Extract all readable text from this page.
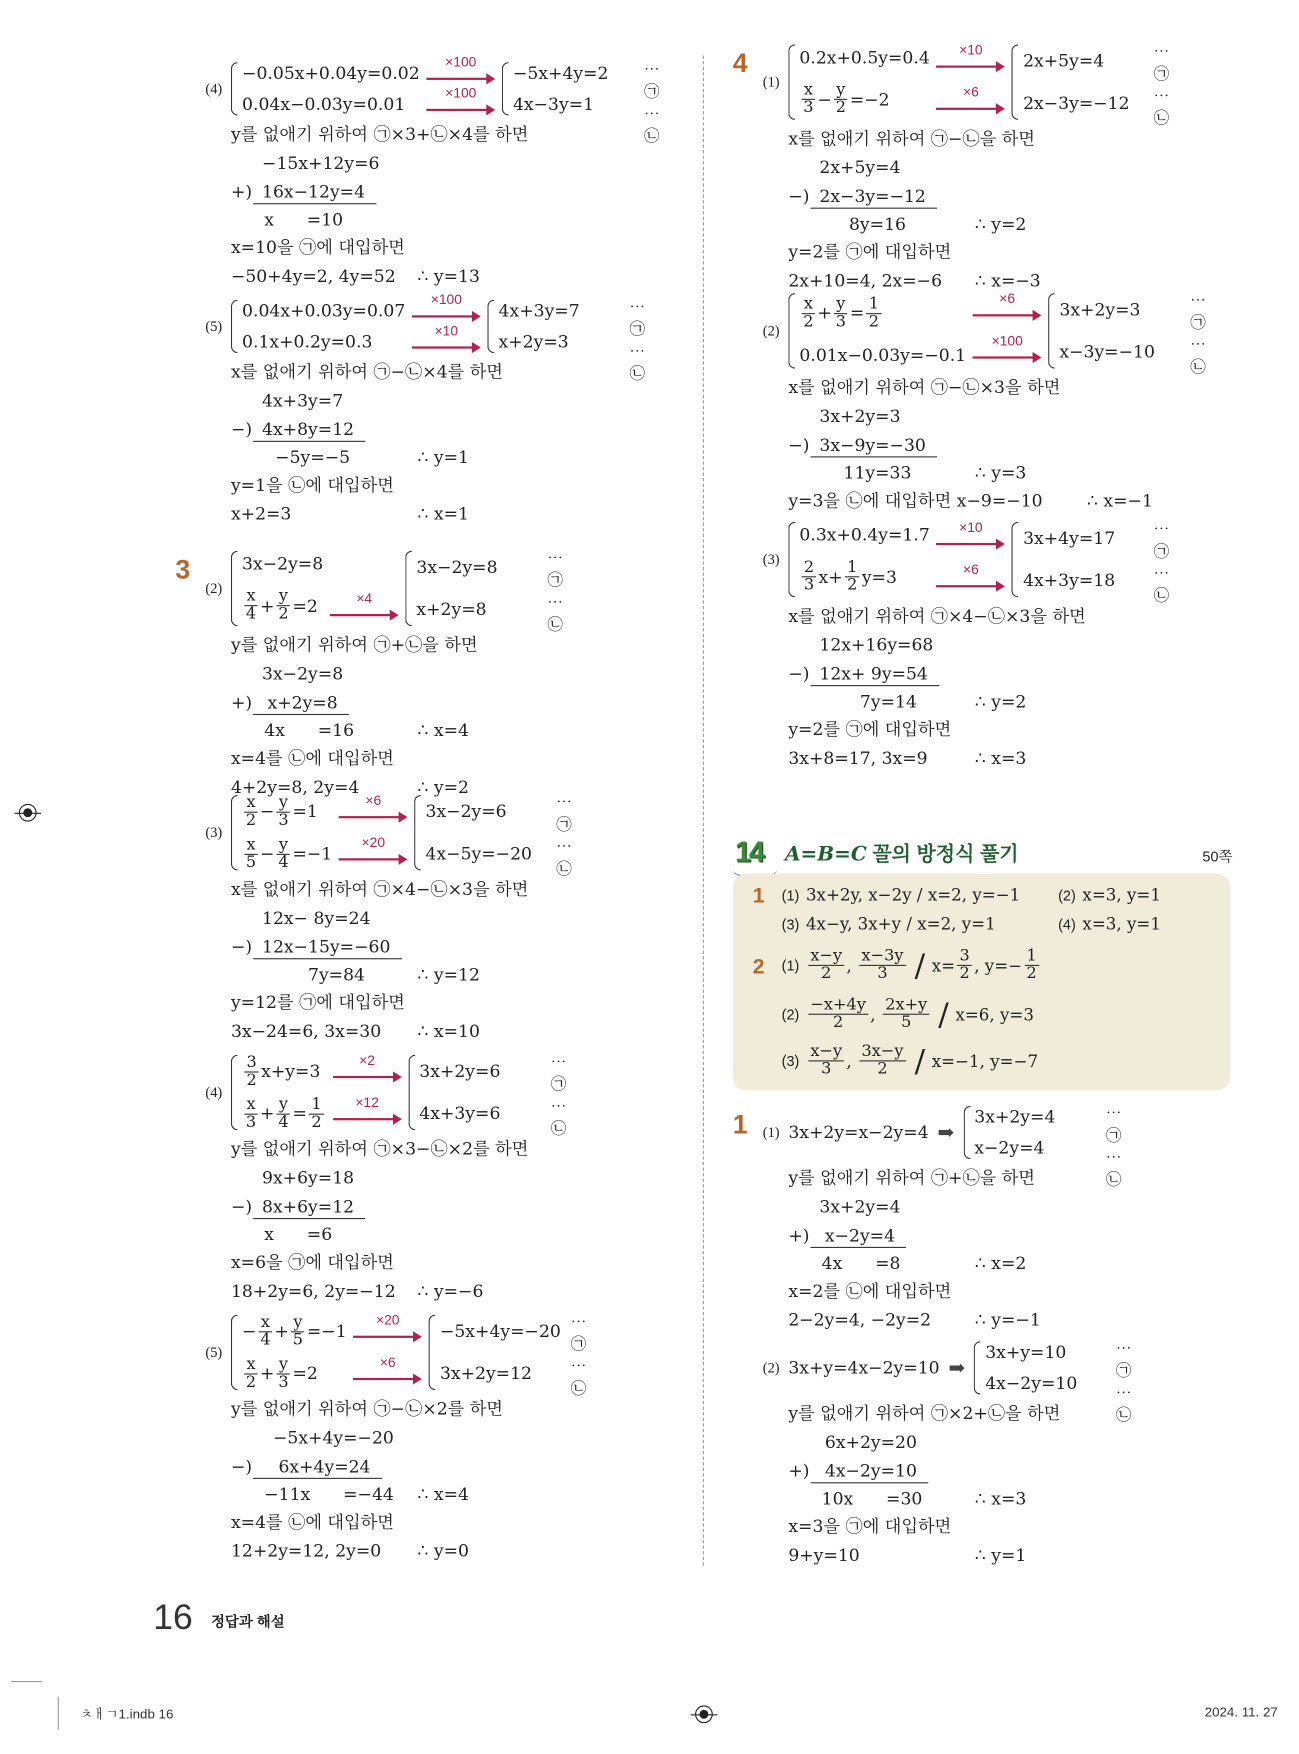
(4)
−0.05x+0.04y=0.02
0.04x−0.03y=0.01
×100
×100
−5x+4y=2
4x−3y=1
⋯㉠
⋯㉡
y를 없애기 위하여 ㉠×3+㉡×4를 하면
−15x+12y=6
+) 16x−12y=4
x      =10
x=10을 ㉠에 대입하면
−50+4y=2, 4y=52 ∴ y=13
(5)
0.04x+0.03y=0.07
0.1x+0.2y=0.3
×100
×10
4x+3y=7
x+2y=3
⋯㉠
⋯㉡
x를 없애기 위하여 ㉠−㉡×4를 하면
4x+3y=7
−) 4x+8y=12
−5y=−5	∴ y=1
y=1을 ㉡에 대입하면
x+2=3	∴ x=1
3
(2)
3x−2y=8
$\frac{x}{4} + \frac{y}{2} =2$	×4
3x−2y=8
x+2y=8
⋯㉠
⋯㉡
y를 없애기 위하여 ㉠+㉡을 하면
3x−2y=8
+) x+2y=8
4x      =16	∴ x=4
x=4를 ㉡에 대입하면
4+2y=8, 2y=4	∴ y=2
(3)
$\frac{x}{2} - \frac{y}{3} =1$
$\frac{x}{5} - \frac{y}{4} =-1$
×6
×20
3x−2y=6
4x−5y=−20
⋯㉠
⋯㉡
x를 없애기 위하여 ㉠×4−㉡×3을 하면
12x− 8y=24
−) 12x−15y=−60
7y=84	∴ y=12
y=12를 ㉠에 대입하면
3x−24=6, 3x=30 ∴ x=10
(4)
$\frac{3}{2} x+y=3$
$\frac{x}{3} + \frac{y}{4} = \frac{1}{2}$
×2
×12
3x+2y=6
4x+3y=6
⋯㉠
⋯㉡
y를 없애기 위하여 ㉠×3−㉡×2를 하면
9x+6y=18
−) 8x+6y=12
x      =6
x=6을 ㉠에 대입하면
18+2y=6, 2y=−12 ∴ y=−6
(5)
− $\frac{x}{4} + \frac{y}{5} =-1$
$\frac{x}{2} + \frac{y}{3} =2$
×20
×6
−5x+4y=−20
3x+2y=12
⋯㉠
⋯㉡
y를 없애기 위하여 ㉠−㉡×2를 하면
−5x+4y=−20
−) 6x+4y=24
−11x      =−44 ∴ x=4
x=4를 ㉡에 대입하면
12+2y=12, 2y=0 ∴ y=0
4
(1)
0.2x+0.5y=0.4
$\frac{x}{3} - \frac{y}{2} =-2$
×10
×6
2x+5y=4
2x−3y=−12
⋯㉠
⋯㉡
x를 없애기 위하여 ㉠−㉡을 하면
2x+5y=4
−) 2x−3y=−12
8y=16	∴ y=2
y=2를 ㉠에 대입하면
2x+10=4, 2x=−6 ∴ x=−3
$(2) \frac{x}{2} + \frac{y}{3} = \frac{1}{2}$
0.01x−0.03y=−0.1
×6
×100
3x+2y=3
x−3y=−10
⋯㉠
⋯㉡
x를 없애기 위하여 ㉠−㉡×3을 하면
3x+2y=3
−) 3x−9y=−30
11y=33	∴ y=3
y=3을 ㉡에 대입하면 x−9=−10	∴ x=−1
(3)
0.3x+0.4y=1.7
$\frac{2}{3} x+ \frac{1}{2} y=3$
×10
×6
3x+4y=17
4x+3y=18
⋯㉠
⋯㉡
x를 없애기 위하여 ㉠×4−㉡×3을 하면
12x+16y=68
−) 12x+ 9y=54
7y=14	∴ y=2
y=2를 ㉠에 대입하면
3x+8=17, 3x=9	∴ x=3
1 (1) 3x+2y=x−2y=4 ➡
3x+2y=4
x−2y=4
⋯㉠
⋯㉡
y를 없애기 위하여 ㉠+㉡을 하면
3x+2y=4
+) x−2y=4
4x      =8	∴ x=2
x=2를 ㉡에 대입하면
2−2y=4, −2y=2	∴ y=−1
(2) 3x+y=4x−2y=10 ➡
3x+y=10
4x−2y=10
⋯㉠
⋯㉡
y를 없애기 위하여 ㉠×2+㉡을 하면
6x+2y=20
+) 4x−2y=10
10x      =30	∴ x=3
x=3을 ㉠에 대입하면
9+y=10	∴ y=1
14 A=B=C 꼴의 방정식 풀기	50쪽
1 (1) 3x+2y, x−2y / x=2, y=−1	(2) x=3, y=1
(3) 4x−y, 3x+y / x=2, y=1	(4) x=3, y=1
2 $(1) \frac{x-y}{2}$ , $\frac{x-3y}{3} / x= \frac{3}{2}$ , $y=- \frac{1}{2}$
$(2) \frac{-x+4y}{2}$ , $\frac{2x+y}{5} / x=6$, y=3
$(3) \frac{x-y}{3}$ , $\frac{3x-y}{2} / x=-1$, y=−7
16 정답과 해설
ㅊㅐㄱ1.indb 16	2024. 11. 27
